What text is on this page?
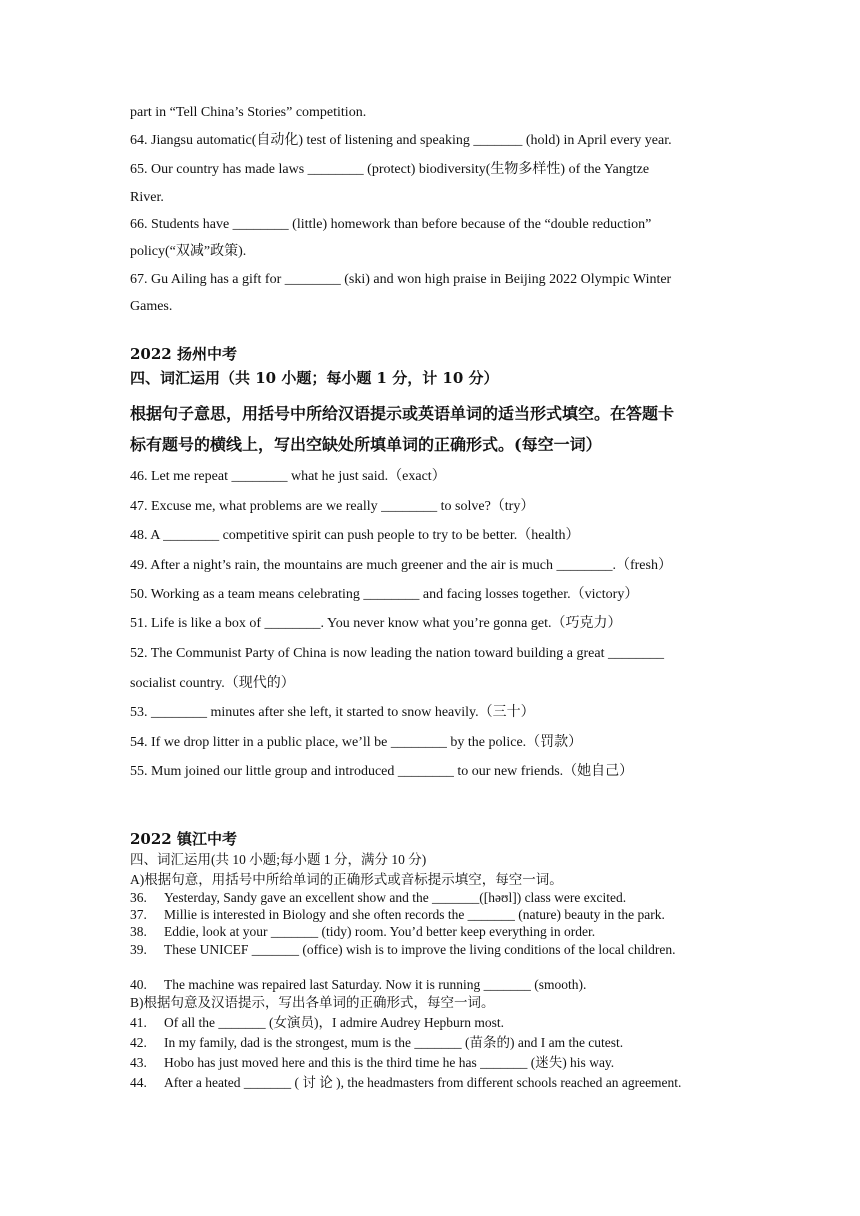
part in “Tell China’s Stories” competition.
64. Jiangsu automatic(自动化) test of listening and speaking _______ (hold) in April every year.
65. Our country has made laws ________ (protect) biodiversity(生物多样性) of the Yangtze
River.
66. Students have ________ (little) homework than before because of the “double reduction”
policy(“双减”政策).
67. Gu Ailing has a gift for ________ (ski) and won high praise in Beijing 2022 Olympic Winter
Games.
2022 扬州中考
四、词汇运用（共 10 小题；每小题 1 分，计 10 分）
根据句子意思，用括号中所给汉语提示或英语单词的适当形式填空。在答题卡
标有题号的横线上，写出空缺处所填单词的正确形式。(每空一词）
46. Let me repeat ________ what he just said.（exact）
47. Excuse me, what problems are we really ________ to solve?（try）
48. A ________ competitive spirit can push people to try to be better.（health）
49. After a night’s rain, the mountains are much greener and the air is much ________.（fresh）
50. Working as a team means celebrating ________ and facing losses together.（victory）
51. Life is like a box of ________. You never know what you’re gonna get.（巧克力）
52. The Communist Party of China is now leading the nation toward building a great ________
socialist country.（现代的）
53. ________ minutes after she left, it started to snow heavily.（三十）
54. If we drop litter in a public place, we’ll be ________ by the police.（罚款）
55. Mum joined our little group and introduced ________ to our new friends.（她自己）
2022 镇江中考
四、词汇运用(共 10 小题;每小题 1 分，满分 10 分)
A)根据句意，用括号中所给单词的正确形式或音标提示填空，每空一词。
36. Yesterday, Sandy gave an excellent show and the _______([həʊl]) class were excited.
37. Millie is interested in Biology and she often records the _______ (nature) beauty in the park.
38. Eddie, look at your _______ (tidy) room. You’d better keep everything in order.
39. These UNICEF _______ (office) wish is to improve the living conditions of the local children.
40. The machine was repaired last Saturday. Now it is running _______ (smooth).
B)根据句意及汉语提示，写出各单词的正确形式，每空一词。
41. Of all the _______ (女演员)，I admire Audrey Hepburn most.
42. In my family, dad is the strongest, mum is the _______ (苗条的) and I am the cutest.
43. Hobo has just moved here and this is the third time he has _______ (迷失) his way.
44. After a heated _______ ( 讨 论 ), the headmasters from different schools reached an agreement.
